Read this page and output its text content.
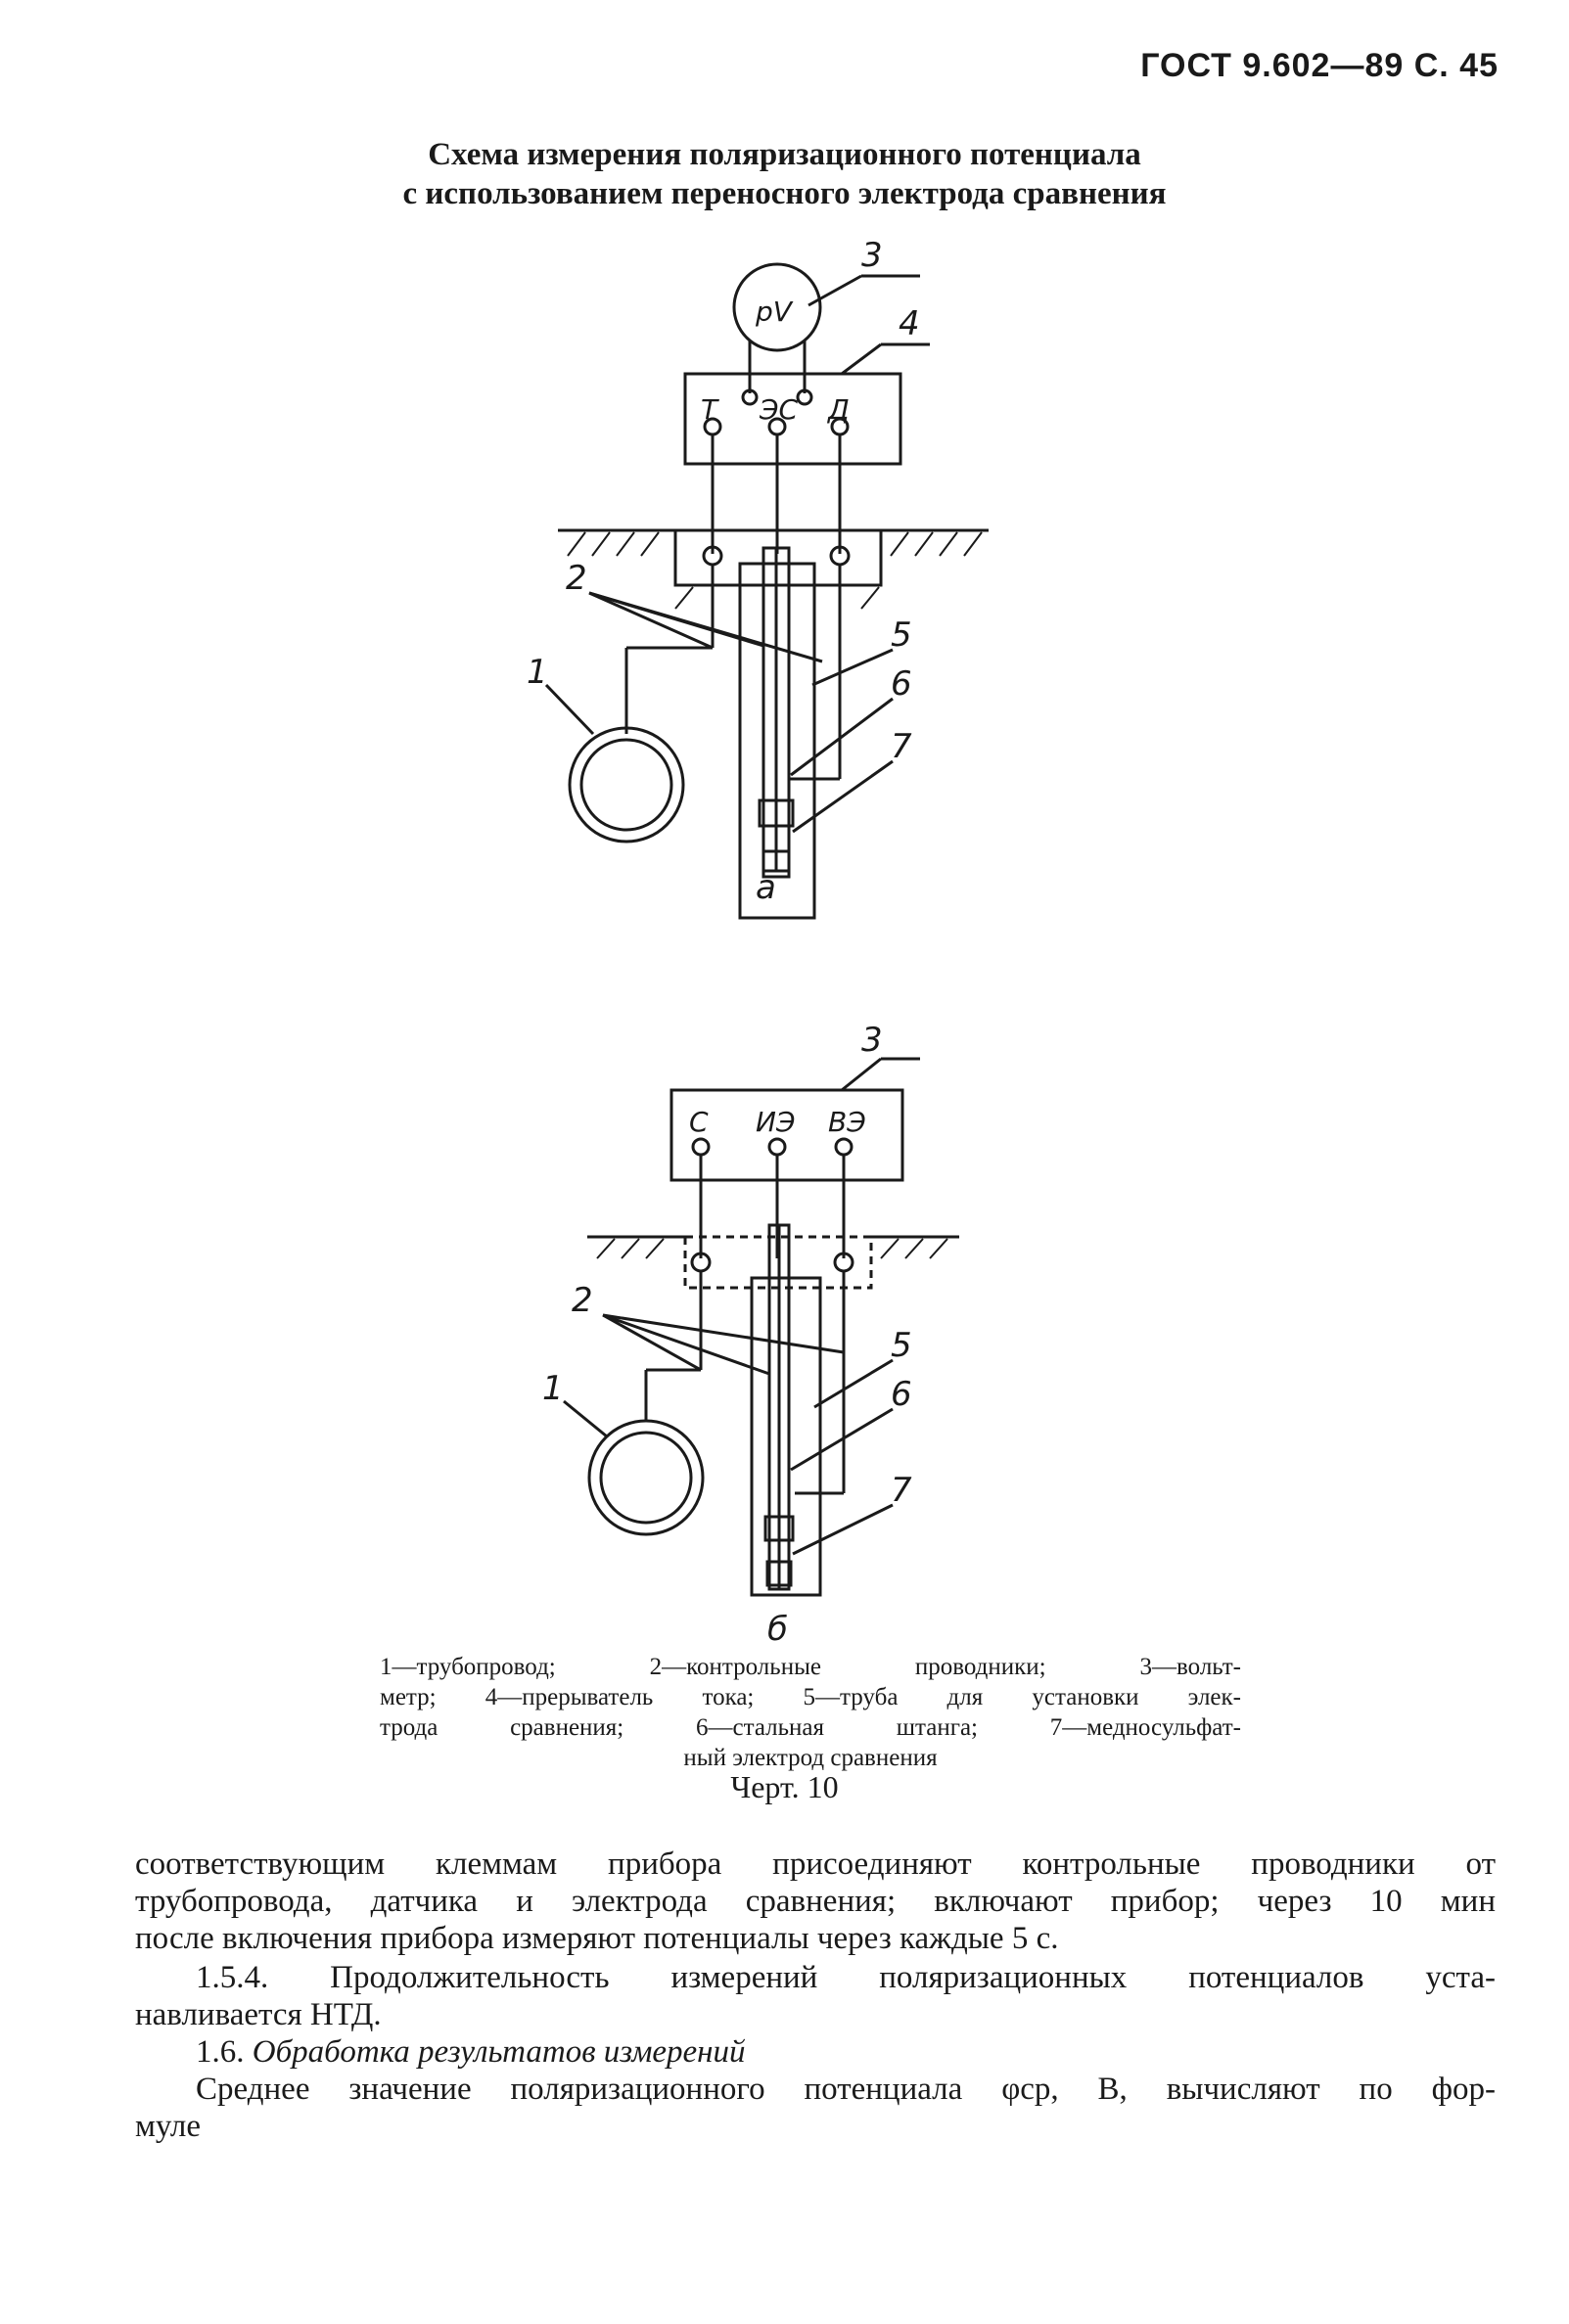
ГОСТ 9.602—89 С. 45
Схема измерения поляризационного потенциала
с использованием переносного электрода сравнения
pV
3
4
Т ЭС Д
2
1
5
6
7
а
3
С ИЭ ВЭ
2
1
5
6
7
б
1—трубопровод; 2—контрольные проводники; 3—вольт-
метр; 4—прерыватель тока; 5—труба для установки элек-
трода сравнения; 6—стальная штанга; 7—медносульфат-
ный электрод сравнения
Черт. 10
соответствующим клеммам прибора присоединяют контрольные проводники от
трубопровода, датчика и электрода сравнения; включают прибор; через 10 мин
после включения прибора измеряют потенциалы через каждые 5 с.
1.5.4. Продолжительность измерений поляризационных потенциалов уста-
навливается НТД.
1.6. Обработка результатов измерений
Среднее значение поляризационного потенциала φср, В, вычисляют по фор-
муле
